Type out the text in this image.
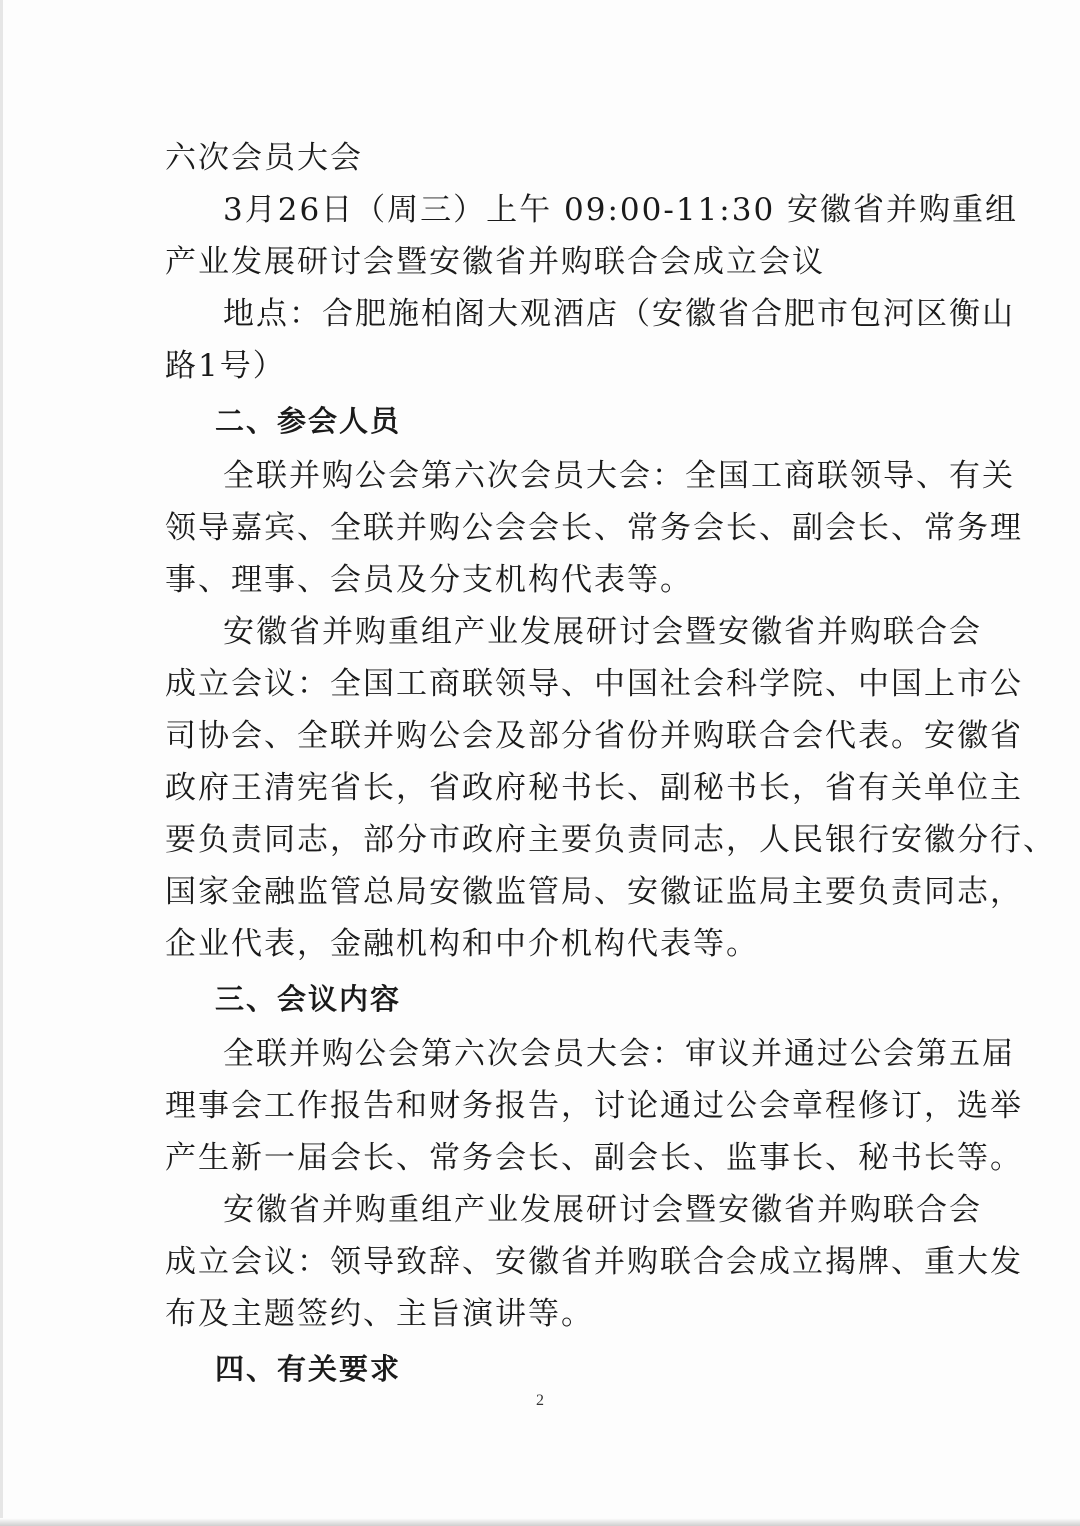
六次会员大会
3月26日（周三）上午 09:00-11:30 安徽省并购重组
产业发展研讨会暨安徽省并购联合会成立会议
地点：合肥施柏阁大观酒店（安徽省合肥市包河区衡山
路1号）
二、参会人员
全联并购公会第六次会员大会：全国工商联领导、有关
领导嘉宾、全联并购公会会长、常务会长、副会长、常务理
事、理事、会员及分支机构代表等。
安徽省并购重组产业发展研讨会暨安徽省并购联合会
成立会议：全国工商联领导、中国社会科学院、中国上市公
司协会、全联并购公会及部分省份并购联合会代表。安徽省
政府王清宪省长，省政府秘书长、副秘书长，省有关单位主
要负责同志，部分市政府主要负责同志，人民银行安徽分行、
国家金融监管总局安徽监管局、安徽证监局主要负责同志，
企业代表，金融机构和中介机构代表等。
三、会议内容
全联并购公会第六次会员大会：审议并通过公会第五届
理事会工作报告和财务报告，讨论通过公会章程修订，选举
产生新一届会长、常务会长、副会长、监事长、秘书长等。
安徽省并购重组产业发展研讨会暨安徽省并购联合会
成立会议：领导致辞、安徽省并购联合会成立揭牌、重大发
布及主题签约、主旨演讲等。
四、有关要求
2
